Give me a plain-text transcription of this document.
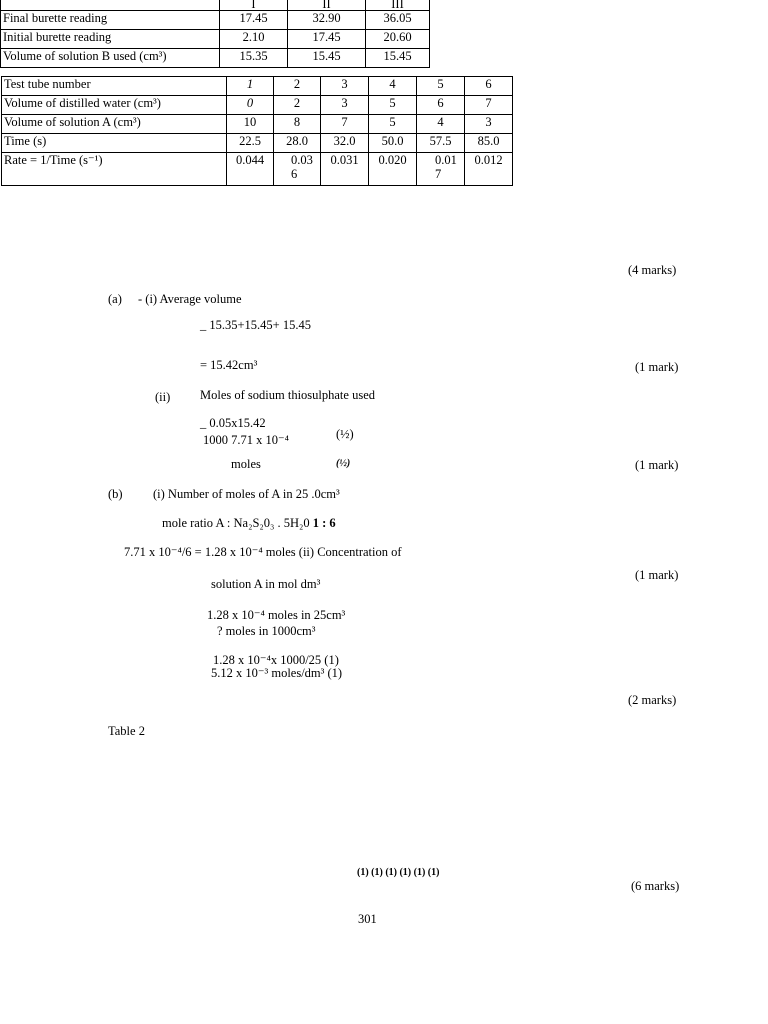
	I	II	III
Final burette reading	17.45	32.90	36.05
Initial burette reading	2.10	17.45	20.60
Volume of solution B used (cm³)	15.35	15.45	15.45
Test tube number	1	2	3	4	5	6
Volume of distilled water (cm³)	0	2	3	5	6	7
Volume of solution A (cm³)	10	8	7	5	4	3
Time (s)	22.5	28.0	32.0	50.0	57.5	85.0
Rate = 1/Time (s⁻¹)	0.044	0.036	0.031	0.020	0.017	0.012
(4 marks)
(a) - (i) Average volume
_ 15.35+15.45+ 15.45
= 15.42cm³	(1 mark)
(ii) Moles of sodium thiosulphate used
_ 0.05x15.42
1000 7.71 x 10⁻⁴	(½)
moles	(½)	(1 mark)
(b) (i) Number of moles of A in 25 .0cm³
mole ratio A : Na₂S₂0₃ . 5H₂0 1 : 6
7.71 x 10⁻⁴/6 = 1.28 x 10⁻⁴ moles (ii) Concentration of
(1 mark)
solution A in mol dm³
1.28 x 10⁻⁴ moles in 25cm³
? moles in 1000cm³
1.28 x 10⁻⁴x 1000/25 (1)
5.12 x 10⁻³ moles/dm³ (1)
(2 marks)
Table 2
(1) (1) (1) (1) (1) (1)
(6 marks)
301
